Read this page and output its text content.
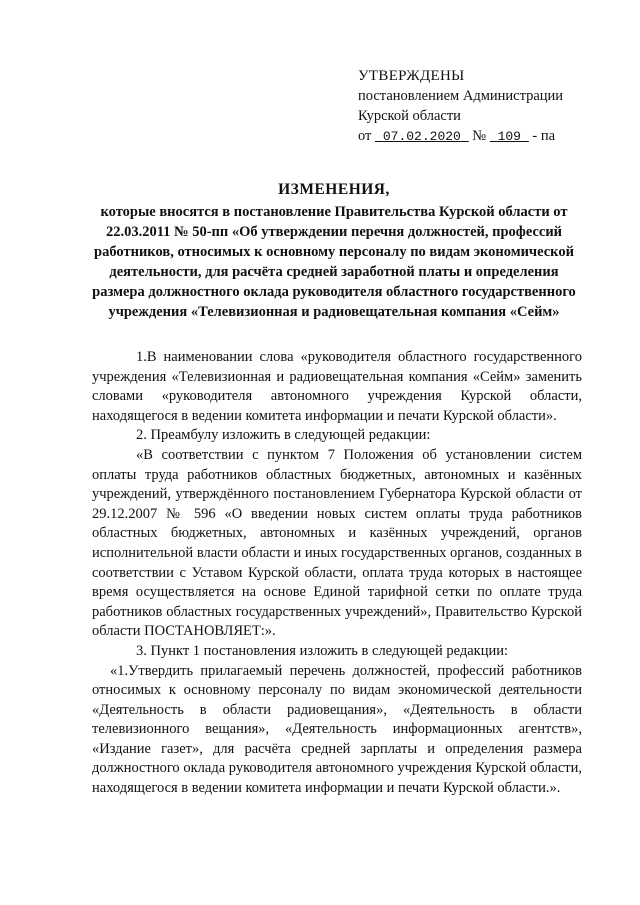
УТВЕРЖДЕНЫ
постановлением Администрации
Курской области
от 07.02.2020 № 109 - па
ИЗМЕНЕНИЯ,
которые вносятся в постановление Правительства Курской области от 22.03.2011 № 50-пп «Об утверждении перечня должностей, профессий работников, относимых к основному персоналу по видам экономической деятельности, для расчёта средней заработной платы и определения размера должностного оклада руководителя областного государственного учреждения «Телевизионная и радиовещательная компания «Сейм»

1.В наименовании слова «руководителя областного государственного учреждения «Телевизионная и радиовещательная компания «Сейм» заменить словами «руководителя автономного учреждения Курской области, находящегося в ведении комитета информации и печати Курской области».

2. Преамбулу изложить в следующей редакции:

«В соответствии с пунктом 7 Положения об установлении систем оплаты труда работников областных бюджетных, автономных и казённых учреждений, утверждённого постановлением Губернатора Курской области от 29.12.2007 № 596 «О введении новых систем оплаты труда работников областных бюджетных, автономных и казённых учреждений, органов исполнительной власти области и иных государственных органов, созданных в соответствии с Уставом Курской области, оплата труда которых в настоящее время осуществляется на основе Единой тарифной сетки по оплате труда работников областных государственных учреждений», Правительство Курской области ПОСТАНОВЛЯЕТ:».

3. Пункт 1 постановления изложить в следующей редакции:

«1.Утвердить прилагаемый перечень должностей, профессий работников относимых к основному персоналу по видам экономической деятельности «Деятельность в области радиовещания», «Деятельность в области телевизионного вещания», «Деятельность информационных агентств», «Издание газет», для расчёта средней зарплаты и определения размера должностного оклада руководителя автономного учреждения Курской области, находящегося в ведении комитета информации и печати Курской области.».
